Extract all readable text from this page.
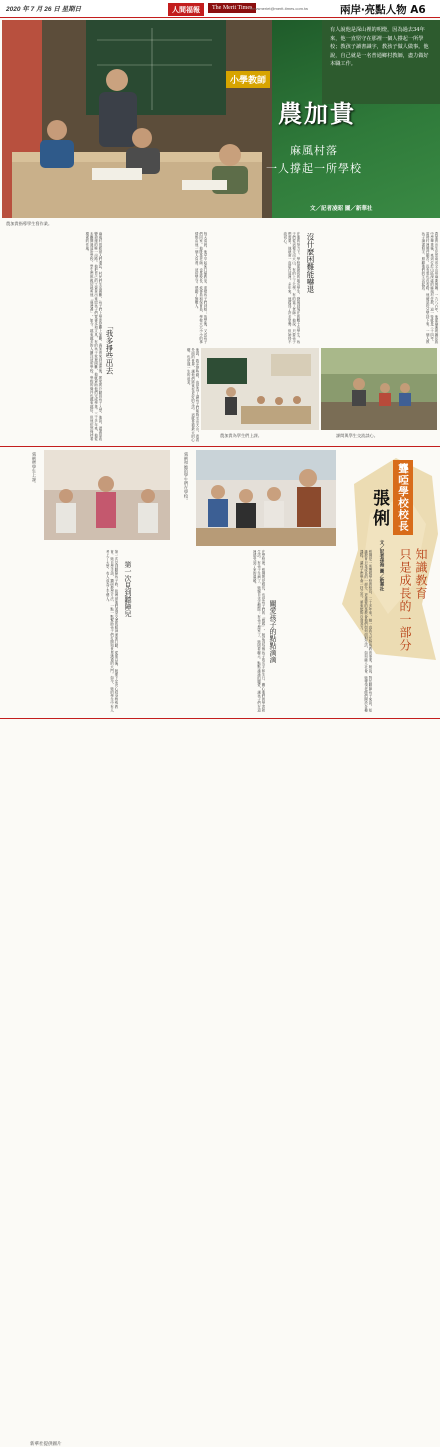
2020 年 7 月 26 日 星期日	人間福報	The Merit Times
newsmeriet@merit-times.com.tw	兩岸‧亮點人物 A6
有人說他是深山裡的明燈，因為過去34年來，他一直堅守在那裡一個人撐起一所學校；教孩子讀書識字，教孩子做人做事。他說，自己就是一名普通鄉村教師，盡力做好本職工作。
小學教師
農加貴
麻風村落
一人撐起一所學校
文／記者凌昭 圖／新華社
農加貴指導學生寫作業。
農加貴出生於雲南省文山州麻栗坡縣，一九八六年，他從麻栗坡縣民族中學畢業後，來到位於山區深處的麻風村任教，這一待就是三十四年。當時村裡條件艱苦，沒有電也沒有路，他硬是咬牙堅持下來，一個人教孩子讀書寫字，照顧他們的生活起居。
沒什麼困難能嚇退
在他的努力下，學校從最初的幾名學生，發展到現在的數十名學生。孩子們從這裡走出大山，有的上了大學，有的當了老師。他說，只要孩子們需要，他就會一直留在這裡。多年來，他獲得了許多榮譽，但始終不改初心。
每天清晨，他早早起床打掃教室，迎接孩子們到校；放學後，又送孩子們回家。他既是老師，也是校長、炊事員和保育員，學校大大小小的事情都由他一個人負責。這份堅守，感動了無數人。
「我多掙些出去
麻風村曾經被人們遺忘，村民們生活困難，孩子們上學更是難上加難。農加貴來到這裡後，挨家挨戶動員孩子入學，他說，讀書是改變命運的唯一出路。他把自己的工資拿出來給孩子們買書本和文具，有的孩子家裡困難，他就資助他們完成學業。三十多年來，他從未離開過這所學校，學生們都親切地叫他「農爸爸」。如今，越來越多的人關注這所學校，學校的條件也越來越好，但他依然保持着樸素的作風。
他說，我多掙些錢，也是為了讓孩子們能夠走出大山，看看外面的世界，讓他們將來有更好的生活。這就是他最大的心願，也是他一生的追求。
農加貴為學生們上課。	課間與學生交流談心。
張俐帶學生上課。	張俐和她的學生們在學校。	聾啞學校校長
張俐
知識教育
只是成長的一部分
文／記者孫海 圖／新華社
張俐是一所聾啞學校的校長，二十多年來，她一直致力於特殊教育事業。她說，對於聽障孩子來說，知識教育只是成長的一部分，更重要的是教會他們如何面對生活，如何融入社會。她帶領老師們開設各種課程，讓孩子們學會一技之長，將來能夠自食其力。
關愛孩子的點點滴滴
在學校裡，張俐既是校長，也是孩子們的「媽媽」。她記得每個孩子的名字和生日，關心他們的學習和生活。有孩子生病了，她親自送去醫院；有孩子想家了，她陪着聊天。點點滴滴的關愛，讓孩子們在這裡感受到了家的溫暖。
第一次見到聽障兒
第一次見到聽障孩子時，張俐被他們渴望交流的眼神深深打動。從那以後，她便下定決心投身特殊教育。她自學手語，鑽研教學方法，一點一點幫助孩子們打開與世界溝通的大門。如今，她的學生中有人考上了大學，有人成為了手藝人。
新華社提供圖片
